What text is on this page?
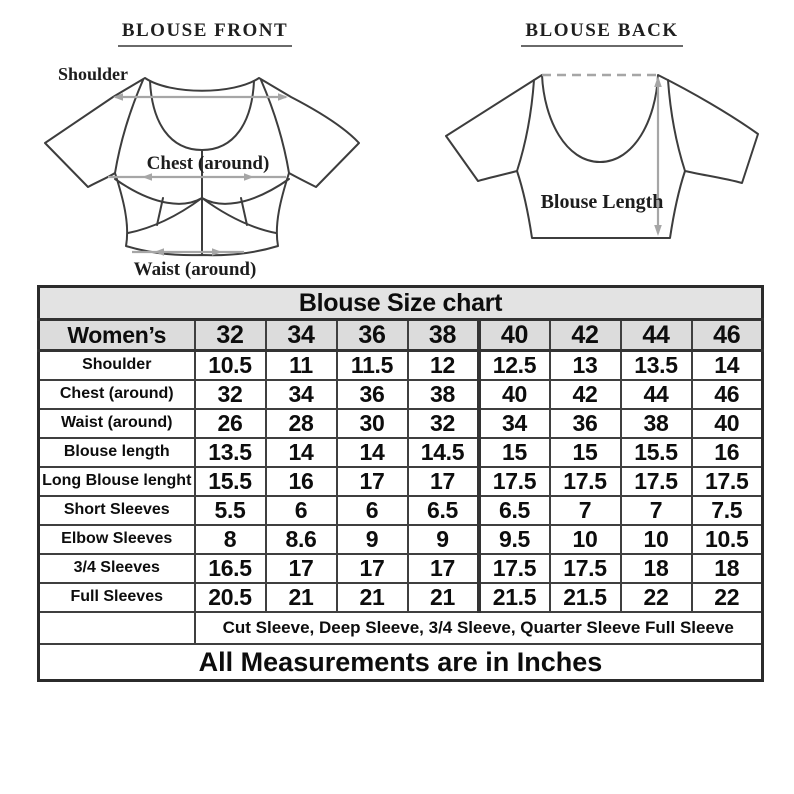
BLOUSE FRONT	BLOUSE BACK
Shoulder
Chest (around)
Waist (around)
Blouse Length
Blouse Size chart								
Women’s	32	34	36	38	40	42	44	46
Shoulder	10.5	11	11.5	12	12.5	13	13.5	14
Chest (around)	32	34	36	38	40	42	44	46
Waist (around)	26	28	30	32	34	36	38	40
Blouse length	13.5	14	14	14.5	15	15	15.5	16
Long Blouse lenght	15.5	16	17	17	17.5	17.5	17.5	17.5
Short Sleeves	5.5	6	6	6.5	6.5	7	7	7.5
Elbow Sleeves	8	8.6	9	9	9.5	10	10	10.5
3/4 Sleeves	16.5	17	17	17	17.5	17.5	18	18
Full Sleeves	20.5	21	21	21	21.5	21.5	22	22
	Cut Sleeve, Deep Sleeve, 3/4 Sleeve, Quarter Sleeve Full Sleeve							
All Measurements are in Inches								
